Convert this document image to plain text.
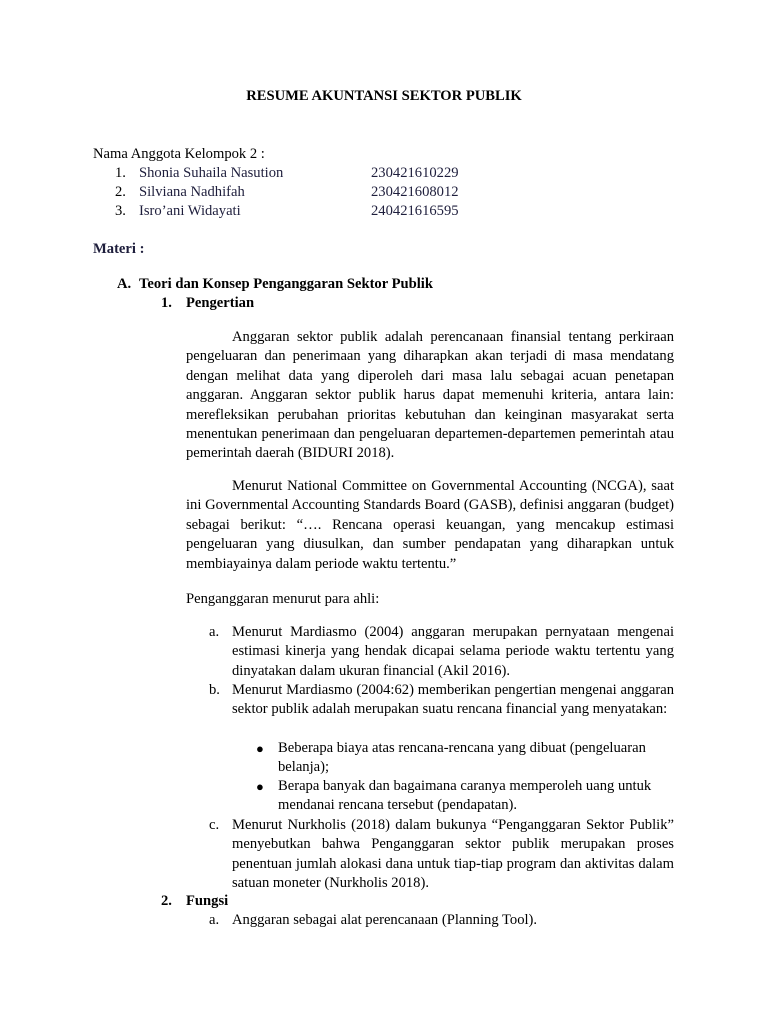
RESUME AKUNTANSI SEKTOR PUBLIK
Nama Anggota Kelompok 2 :
1. Shonia Suhaila Nasution	230421610229
2. Silviana Nadhifah	230421608012
3. Isro’ani Widayati	240421616595
Materi :
A. Teori dan Konsep Penganggaran Sektor Publik
1. Pengertian
Anggaran sektor publik adalah perencanaan finansial tentang perkiraan pengeluaran dan penerimaan yang diharapkan akan terjadi di masa mendatang dengan melihat data yang diperoleh dari masa lalu sebagai acuan penetapan anggaran. Anggaran sektor publik harus dapat memenuhi kriteria, antara lain: merefleksikan perubahan prioritas kebutuhan dan keinginan masyarakat serta menentukan penerimaan dan pengeluaran departemen-departemen pemerintah atau pemerintah daerah (BIDURI 2018).
Menurut National Committee on Governmental Accounting (NCGA), saat ini Governmental Accounting Standards Board (GASB), definisi anggaran (budget) sebagai berikut: “…. Rencana operasi keuangan, yang mencakup estimasi pengeluaran yang diusulkan, dan sumber pendapatan yang diharapkan untuk membiayainya dalam periode waktu tertentu.”
Penganggaran menurut para ahli:
a. Menurut Mardiasmo (2004) anggaran merupakan pernyataan mengenai estimasi kinerja yang hendak dicapai selama periode waktu tertentu yang dinyatakan dalam ukuran financial (Akil 2016).
b. Menurut Mardiasmo (2004:62) memberikan pengertian mengenai anggaran sektor publik adalah merupakan suatu rencana financial yang menyatakan:
● Beberapa biaya atas rencana-rencana yang dibuat (pengeluaran belanja);
● Berapa banyak dan bagaimana caranya memperoleh uang untuk mendanai rencana tersebut (pendapatan).
c. Menurut Nurkholis (2018) dalam bukunya “Penganggaran Sektor Publik” menyebutkan bahwa Penganggaran sektor publik merupakan proses penentuan jumlah alokasi dana untuk tiap-tiap program dan aktivitas dalam satuan moneter (Nurkholis 2018).
2. Fungsi
a. Anggaran sebagai alat perencanaan (Planning Tool).
